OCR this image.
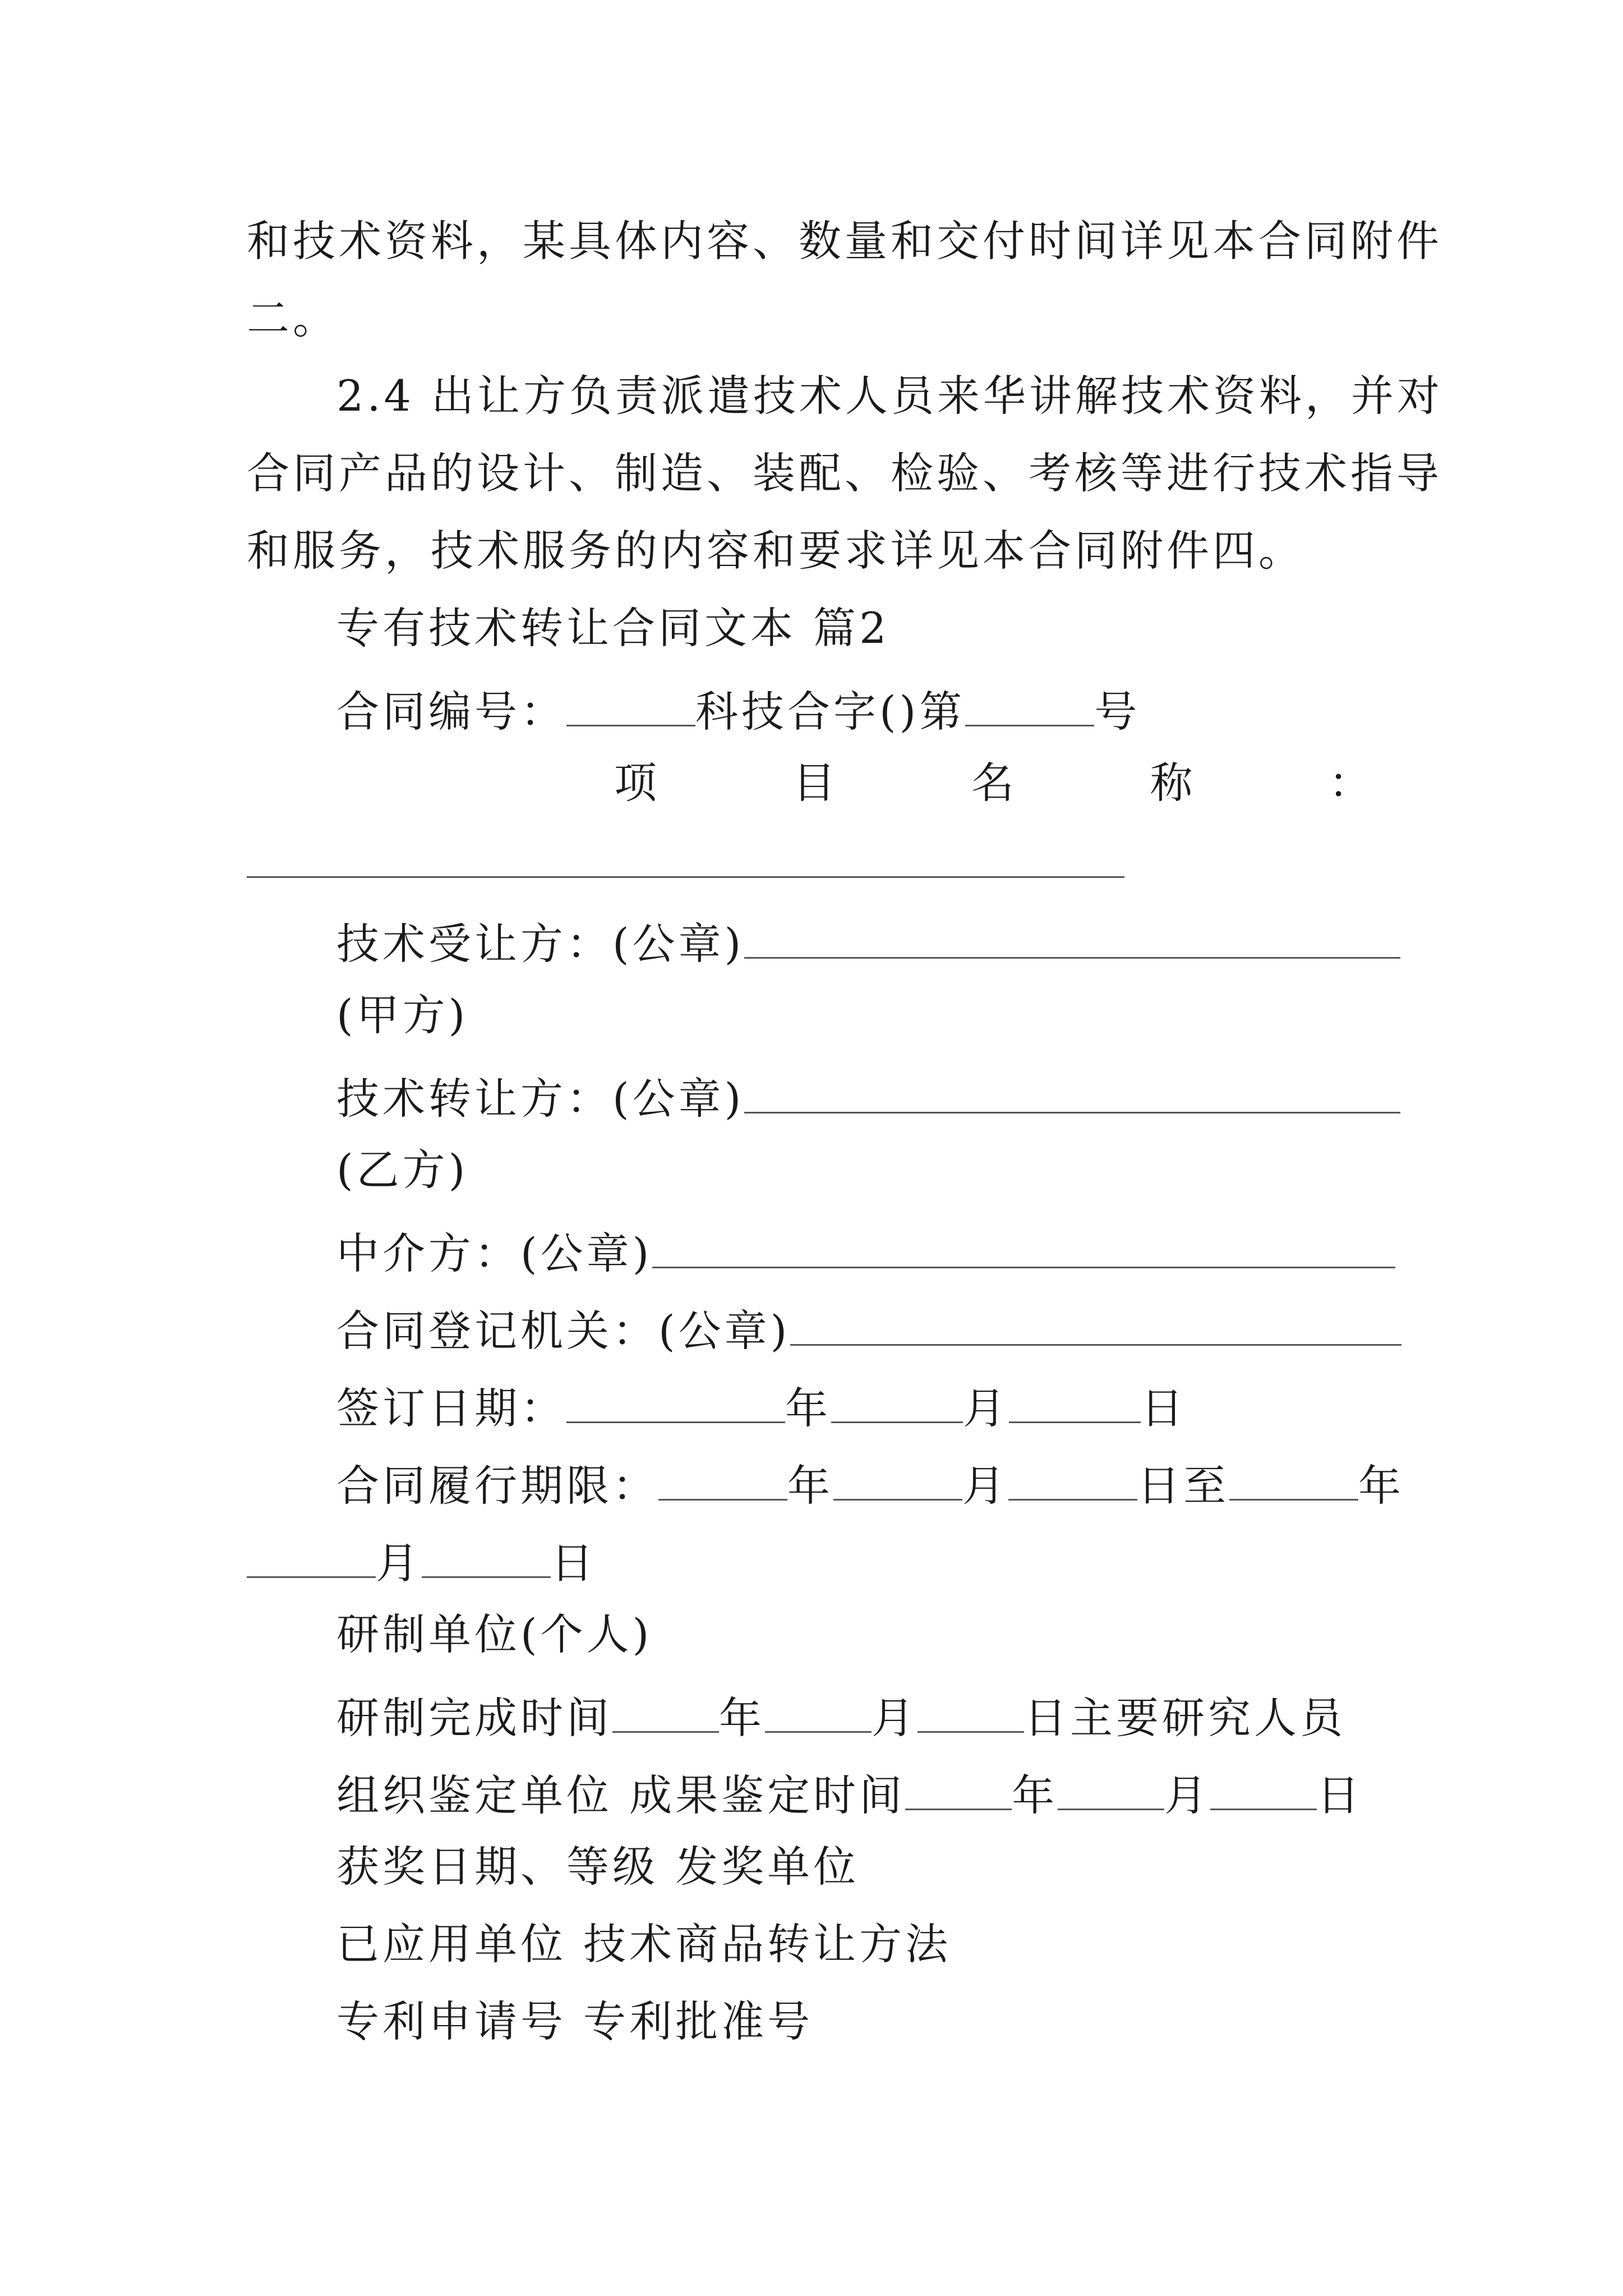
和技术资料，某具体内容、数量和交付时间详见本合同附件
二。
2.4 出让方负责派遣技术人员来华讲解技术资料，并对
合同产品的设计、制造、装配、检验、考核等进行技术指导
和服务，技术服务的内容和要求详见本合同附件四。
专有技术转让合同文本 篇2
合同编号：	科技合字()第	号
项	目	名	称	：
技术受让方：(公章)
(甲方)
技术转让方：(公章)
(乙方)
中介方：(公章)
合同登记机关：(公章)
签订日期：	年	月	日
合同履行期限：	年	月	日至	年
月	日
研制单位(个人)
研制完成时间	年	月	日主要研究人员
组织鉴定单位 成果鉴定时间	年	月	日
获奖日期、等级 发奖单位
已应用单位 技术商品转让方法
专利申请号 专利批准号
